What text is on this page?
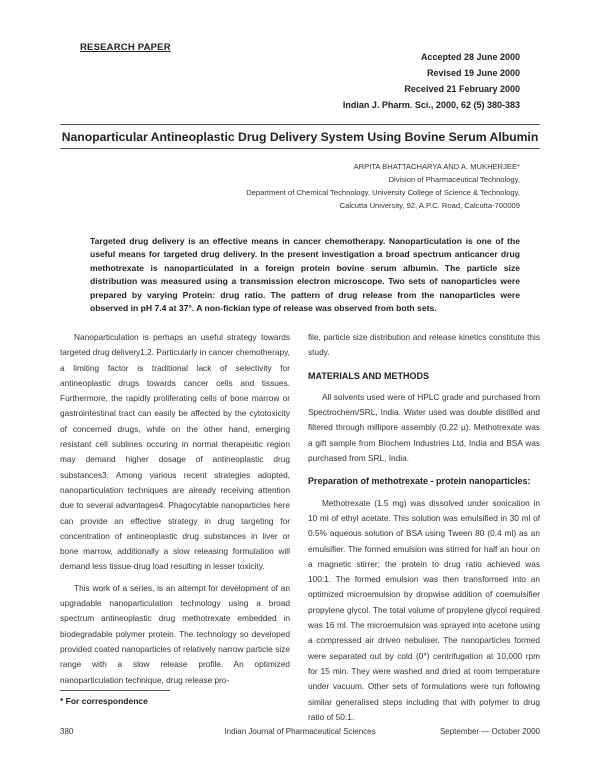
RESEARCH PAPER
Accepted 28 June 2000
Revised 19 June 2000
Received 21 February 2000
Indian J. Pharm. Sci., 2000, 62 (5) 380-383
Nanoparticular Antineoplastic Drug Delivery System Using Bovine Serum Albumin
ARPITA BHATTACHARYA AND A. MUKHERJEE*
Division of Pharmaceutical Technology,
Department of Chemical Technology, University College of Science & Technology,
Calcutta University, 92, A.P.C. Road, Calcutta-700009
Targeted drug delivery is an effective means in cancer chemotherapy. Nanoparticulation is one of the useful means for targeted drug delivery. In the present investigation a broad spectrum anticancer drug methotrexate is nanoparticulated in a foreign protein bovine serum albumin. The particle size distribution was measured using a transmission electron microscope. Two sets of nanoparticles were prepared by varying Protein: drug ratio. The pattern of drug release from the nanoparticles were observed in pH 7.4 at 37°. A non-fickian type of release was observed from both sets.

Nanoparticulation is perhaps an useful strategy towards targeted drug delivery1,2. Particularly in cancer chemotherapy, a limiting factor is traditional lack of selectivity for antineoplastic drugs towards cancer cells and tissues. Furthermore, the rapidly proliferating cells of bone marrow or gastrointestinal tract can easily be affected by the cytotoxicity of concerned drugs, while on the other hand, emerging resistant cell sublines occuring in normal therapeutic region may demand higher dosage of antineoplastic drug substances3. Among various recent strategies adopted, nanoparticulation techniques are already receiving attention due to several advantages4. Phagocytable nanoparticles here can provide an effective strategy in drug targeting for concentration of antineoplastic drug substances in liver or bone marrow, additionally a slow releasing formulation will demand less tissue-drug load resulting in lesser toxicity.

This work of a series, is an attempt for development of an upgradable nanoparticulation technology using a broad spectrum antineoplastic drug methotrexate embedded in biodegradable polymer protein. The technology so developed provided coated nanoparticles of relatively narrow particle size range with a slow release profile. An optimized nanoparticulation technique, drug release pro-

file, particle size distribution and release kinetics constitute this study.

MATERIALS AND METHODS

All solvents used were of HPLC grade and purchased from Spectrochem/SRL, India. Water used was double distilled and filtered through millipore assembly (0.22 µ). Methotrexate was a gift sample from Biochem Industries Ltd, India and BSA was purchased from SRL, India.

Preparation of methotrexate - protein nanoparticles:

Methotrexate (1.5 mg) was dissolved under sonication in 10 ml of ethyl acetate. This solution was emulsified in 30 ml of 0.5% aqueous solution of BSA using Tween 80 (0.4 ml) as an emulsifier. The formed emulsion was stirred for half an hour on a magnetic stirrer; the protein to drug ratio achieved was 100:1. The formed emulsion was then transformed into an optimized microemulsion by dropwise addition of coemulsifier propylene glycol. The total volume of propylene glycol required was 16 ml. The microemulsion was sprayed into acetone using a compressed air driven nebuliser. The nanoparticles formed were separated out by cold (0°) centrifugation at 10,000 rpm for 15 min. They were washed and dried at room temperature under vacuum. Other sets of formulations were run following similar generalised steps including that with polymer to drug ratio of 50:1.

* For correspondence
Indian Journal of Pharmaceutical Sciences
380	September — October 2000
